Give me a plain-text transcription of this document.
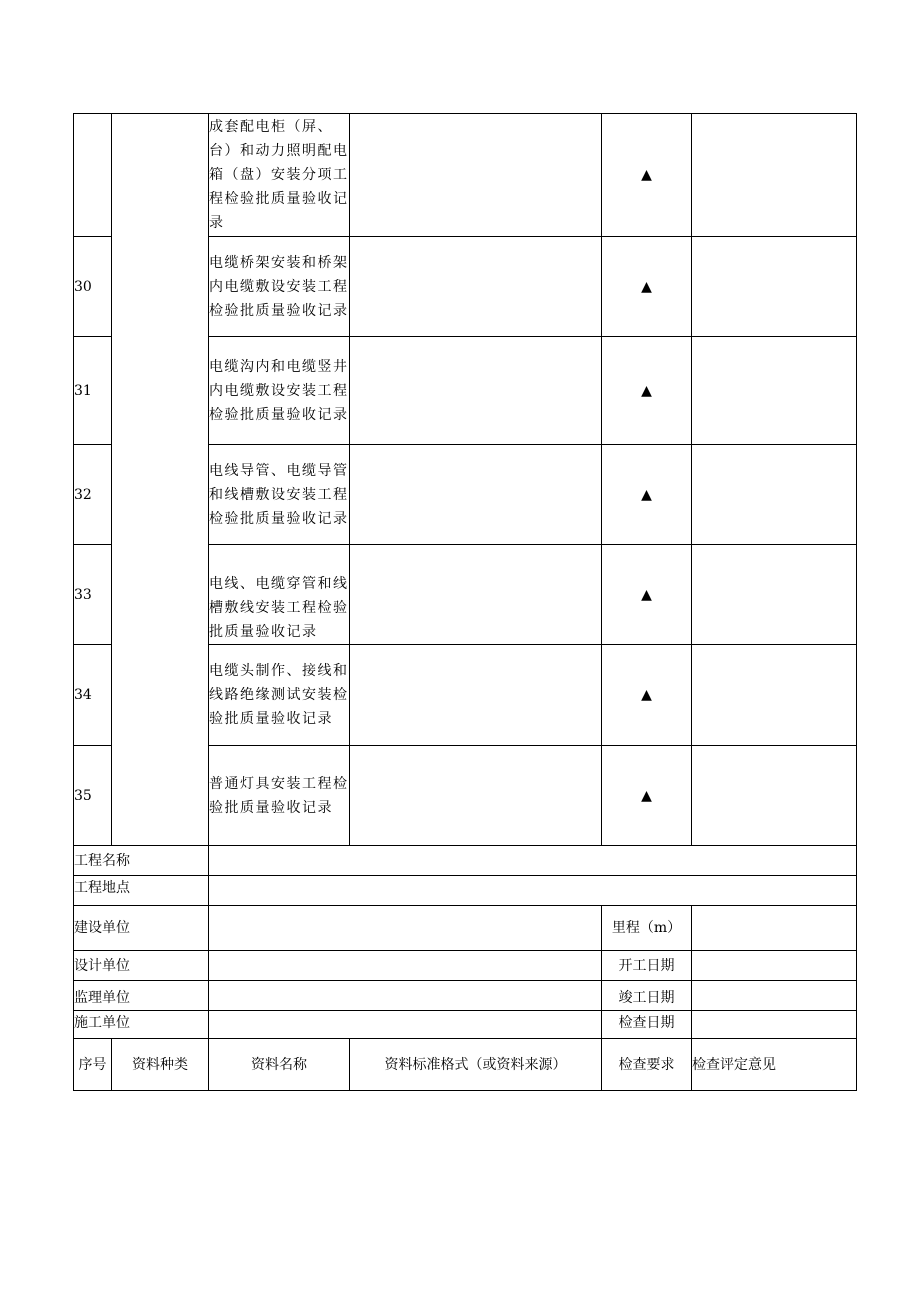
		成套配电柜（屏、台）和动力照明配电箱（盘）安装分项工程检验批质量验收记录		▲	
30		电缆桥架安装和桥架内电缆敷设安装工程检验批质量验收记录		▲	
31		电缆沟内和电缆竖井内电缆敷设安装工程检验批质量验收记录		▲	
32		电线导管、电缆导管和线槽敷设安装工程检验批质量验收记录		▲	
33		电线、电缆穿管和线槽敷线安装工程检验批质量验收记录		▲	
34		电缆头制作、接线和线路绝缘测试安装检验批质量验收记录		▲	
35		普通灯具安装工程检验批质量验收记录		▲	
工程名称					
工程地点					
建设单位				里程（m）	
设计单位				开工日期	
监理单位				竣工日期	
施工单位				检查日期	
序号	资料种类	资料名称	资料标准格式（或资料来源）	检查要求	检查评定意见
